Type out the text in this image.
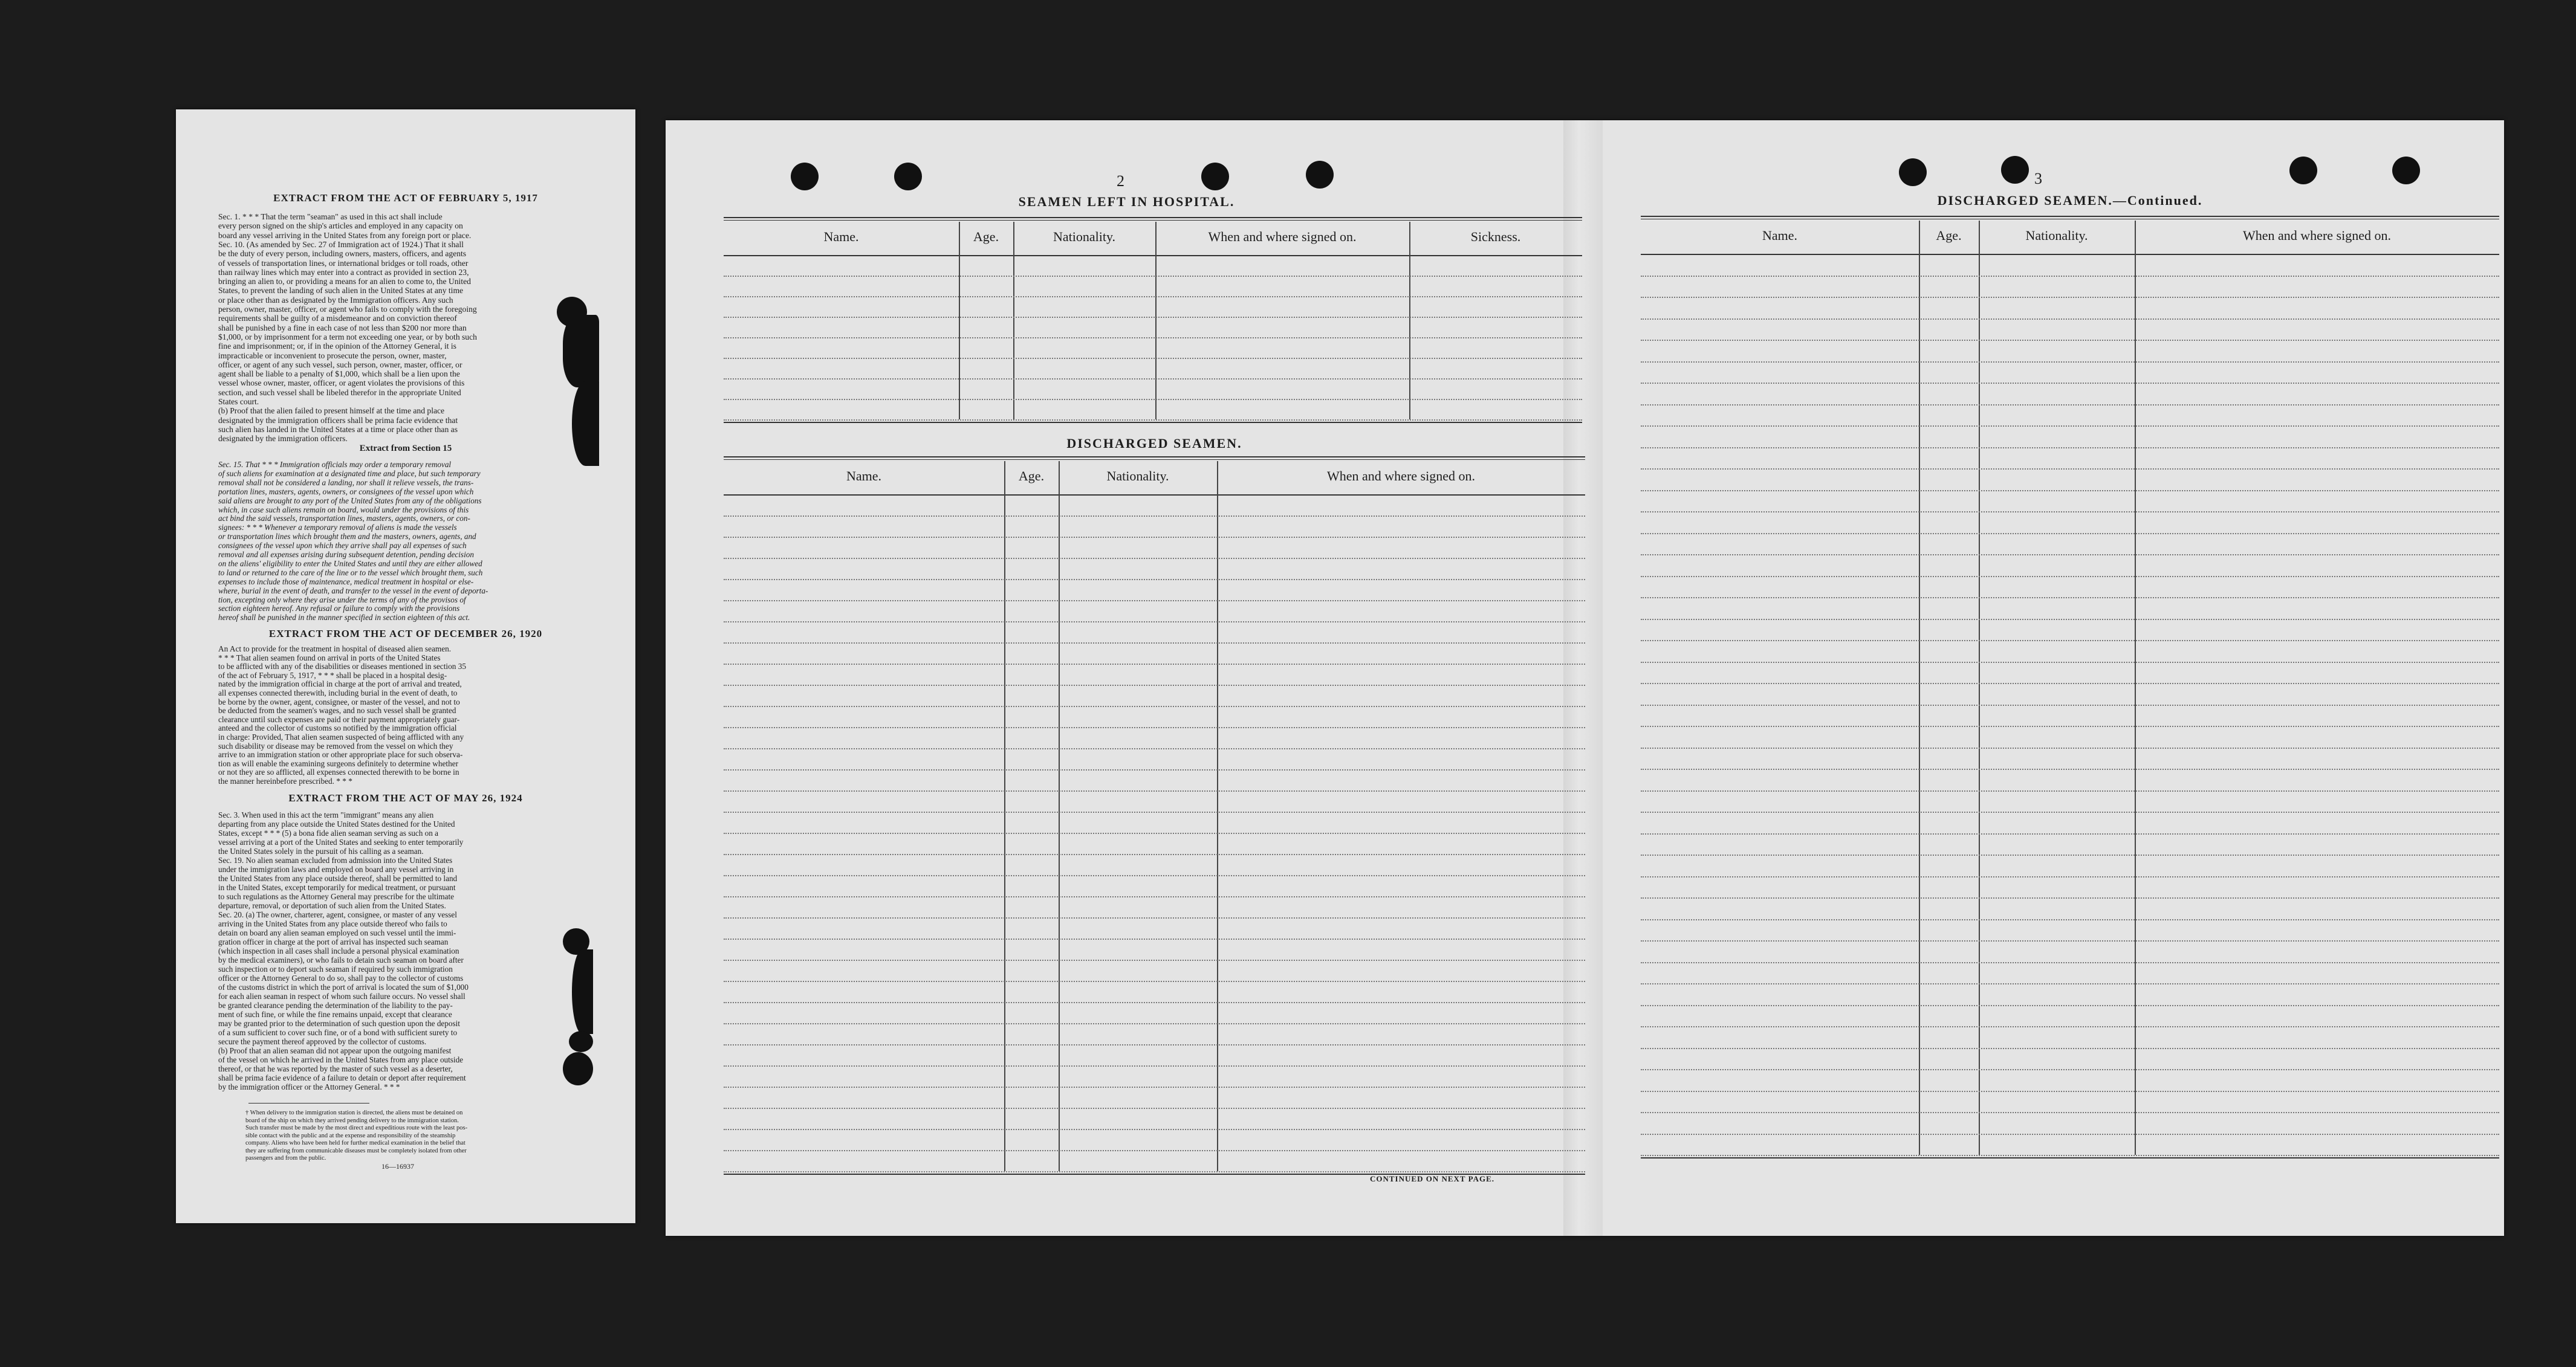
EXTRACT FROM THE ACT OF FEBRUARY 5, 1917
Sec. 1. * * * That the term "seaman" as used in this act shall include
every person signed on the ship's articles and employed in any capacity on
board any vessel arriving in the United States from any foreign port or place.
Sec. 10. (As amended by Sec. 27 of Immigration act of 1924.) That it shall
be the duty of every person, including owners, masters, officers, and agents
of vessels of transportation lines, or international bridges or toll roads, other
than railway lines which may enter into a contract as provided in section 23,
bringing an alien to, or providing a means for an alien to come to, the United
States, to prevent the landing of such alien in the United States at any time
or place other than as designated by the Immigration officers. Any such
person, owner, master, officer, or agent who fails to comply with the foregoing
requirements shall be guilty of a misdemeanor and on conviction thereof
shall be punished by a fine in each case of not less than $200 nor more than
$1,000, or by imprisonment for a term not exceeding one year, or by both such
fine and imprisonment; or, if in the opinion of the Attorney General, it is
impracticable or inconvenient to prosecute the person, owner, master,
officer, or agent of any such vessel, such person, owner, master, officer, or
agent shall be liable to a penalty of $1,000, which shall be a lien upon the
vessel whose owner, master, officer, or agent violates the provisions of this
section, and such vessel shall be libeled therefor in the appropriate United
States court.
(b) Proof that the alien failed to present himself at the time and place
designated by the immigration officers shall be prima facie evidence that
such alien has landed in the United States at a time or place other than as
designated by the immigration officers.
Extract from Section 15
Sec. 15. That * * * Immigration officials may order a temporary removal
of such aliens for examination at a designated time and place, but such temporary
removal shall not be considered a landing, nor shall it relieve vessels, the trans-
portation lines, masters, agents, owners, or consignees of the vessel upon which
said aliens are brought to any port of the United States from any of the obligations
which, in case such aliens remain on board, would under the provisions of this
act bind the said vessels, transportation lines, masters, agents, owners, or con-
signees: * * * Whenever a temporary removal of aliens is made the vessels
or transportation lines which brought them and the masters, owners, agents, and
consignees of the vessel upon which they arrive shall pay all expenses of such
removal and all expenses arising during subsequent detention, pending decision
on the aliens' eligibility to enter the United States and until they are either allowed
to land or returned to the care of the line or to the vessel which brought them, such
expenses to include those of maintenance, medical treatment in hospital or else-
where, burial in the event of death, and transfer to the vessel in the event of deporta-
tion, excepting only where they arise under the terms of any of the provisos of
section eighteen hereof. Any refusal or failure to comply with the provisions
hereof shall be punished in the manner specified in section eighteen of this act.
EXTRACT FROM THE ACT OF DECEMBER 26, 1920
An Act to provide for the treatment in hospital of diseased alien seamen.
* * * That alien seamen found on arrival in ports of the United States
to be afflicted with any of the disabilities or diseases mentioned in section 35
of the act of February 5, 1917, * * * shall be placed in a hospital desig-
nated by the immigration official in charge at the port of arrival and treated,
all expenses connected therewith, including burial in the event of death, to
be borne by the owner, agent, consignee, or master of the vessel, and not to
be deducted from the seamen's wages, and no such vessel shall be granted
clearance until such expenses are paid or their payment appropriately guar-
anteed and the collector of customs so notified by the immigration official
in charge: Provided, That alien seamen suspected of being afflicted with any
such disability or disease may be removed from the vessel on which they
arrive to an immigration station or other appropriate place for such observa-
tion as will enable the examining surgeons definitely to determine whether
or not they are so afflicted, all expenses connected therewith to be borne in
the manner hereinbefore prescribed. * * *
EXTRACT FROM THE ACT OF MAY 26, 1924
Sec. 3. When used in this act the term "immigrant" means any alien
departing from any place outside the United States destined for the United
States, except * * * (5) a bona fide alien seaman serving as such on a
vessel arriving at a port of the United States and seeking to enter temporarily
the United States solely in the pursuit of his calling as a seaman.
Sec. 19. No alien seaman excluded from admission into the United States
under the immigration laws and employed on board any vessel arriving in
the United States from any place outside thereof, shall be permitted to land
in the United States, except temporarily for medical treatment, or pursuant
to such regulations as the Attorney General may prescribe for the ultimate
departure, removal, or deportation of such alien from the United States.
Sec. 20. (a) The owner, charterer, agent, consignee, or master of any vessel
arriving in the United States from any place outside thereof who fails to
detain on board any alien seaman employed on such vessel until the immi-
gration officer in charge at the port of arrival has inspected such seaman
(which inspection in all cases shall include a personal physical examination
by the medical examiners), or who fails to detain such seaman on board after
such inspection or to deport such seaman if required by such immigration
officer or the Attorney General to do so, shall pay to the collector of customs
of the customs district in which the port of arrival is located the sum of $1,000
for each alien seaman in respect of whom such failure occurs. No vessel shall
be granted clearance pending the determination of the liability to the pay-
ment of such fine, or while the fine remains unpaid, except that clearance
may be granted prior to the determination of such question upon the deposit
of a sum sufficient to cover such fine, or of a bond with sufficient surety to
secure the payment thereof approved by the collector of customs.
(b) Proof that an alien seaman did not appear upon the outgoing manifest
of the vessel on which he arrived in the United States from any place outside
thereof, or that he was reported by the master of such vessel as a deserter,
shall be prima facie evidence of a failure to detain or deport after requirement
by the immigration officer or the Attorney General. * * *
† When delivery to the immigration station is directed, the aliens must be detained on
board of the ship on which they arrived pending delivery to the immigration station.
Such transfer must be made by the most direct and expeditious route with the least pos-
sible contact with the public and at the expense and responsibility of the steamship
company. Aliens who have been held for further medical examination in the belief that
they are suffering from communicable diseases must be completely isolated from other
passengers and from the public.
16—16937
2
SEAMEN LEFT IN HOSPITAL.
Name.	Age.	Nationality.	When and where signed on.	Sickness.
DISCHARGED SEAMEN.
Name.	Age.	Nationality.	When and where signed on.
CONTINUED ON NEXT PAGE.
3
DISCHARGED SEAMEN.—Continued.
Name.	Age.	Nationality.	When and where signed on.
